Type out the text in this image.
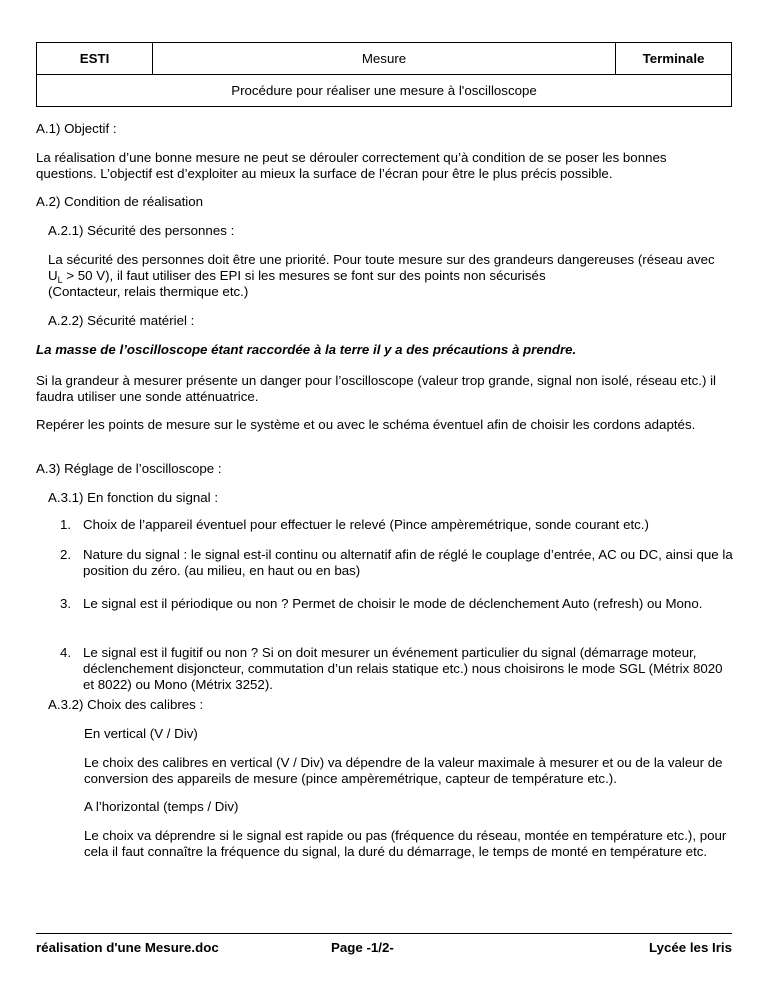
ESTI	Mesure	Terminale
Procédure pour réaliser une mesure à l'oscilloscope

A.1) Objectif :

La réalisation d’une bonne mesure ne peut se dérouler correctement qu’à condition de se poser les bonnes questions. L’objectif est d’exploiter au mieux la surface de l’écran pour être le plus précis possible.

A.2) Condition de réalisation

A.2.1) Sécurité des personnes :

La sécurité des personnes doit être une priorité. Pour toute mesure sur des grandeurs dangereuses (réseau avec $U_L > 50$ V), il faut utiliser des EPI si les mesures se font sur des points non sécurisés

(Contacteur, relais thermique etc.)

A.2.2) Sécurité matériel :

La masse de l’oscilloscope étant raccordée à la terre il y a des précautions à prendre.

Si la grandeur à mesurer présente un danger pour l’oscilloscope (valeur trop grande, signal non isolé, réseau etc.) il faudra utiliser une sonde atténuatrice.

Repérer les points de mesure sur le système et ou avec le schéma éventuel afin de choisir les cordons adaptés.

A.3) Réglage de l’oscilloscope :

A.3.1) En fonction du signal :

1. Choix de l’appareil éventuel pour effectuer le relevé (Pince ampèremétrique, sonde courant etc.)
2. Nature du signal : le signal est-il continu ou alternatif afin de réglé le couplage d’entrée, AC ou DC, ainsi que la position du zéro. (au milieu, en haut ou en bas)
3. Le signal est il périodique ou non ? Permet de choisir le mode de déclenchement Auto (refresh) ou Mono.
4. Le signal est il fugitif ou non ? Si on doit mesurer un événement particulier du signal (démarrage moteur, déclenchement disjoncteur, commutation d’un relais statique etc.) nous choisirons le mode SGL (Métrix 8020 et 8022) ou Mono (Métrix 3252).

A.3.2) Choix des calibres :

En vertical (V / Div)

Le choix des calibres en vertical (V / Div) va dépendre de la valeur maximale à mesurer et ou de la valeur de conversion des appareils de mesure (pince ampèremétrique, capteur de température etc.).

A l’horizontal (temps / Div)

Le choix va déprendre si le signal est rapide ou pas (fréquence du réseau, montée en température etc.), pour cela il faut connaître la fréquence du signal, la duré du démarrage, le temps de monté en température etc.

réalisation d'une Mesure.doc	Page -1/2-	Lycée les Iris
